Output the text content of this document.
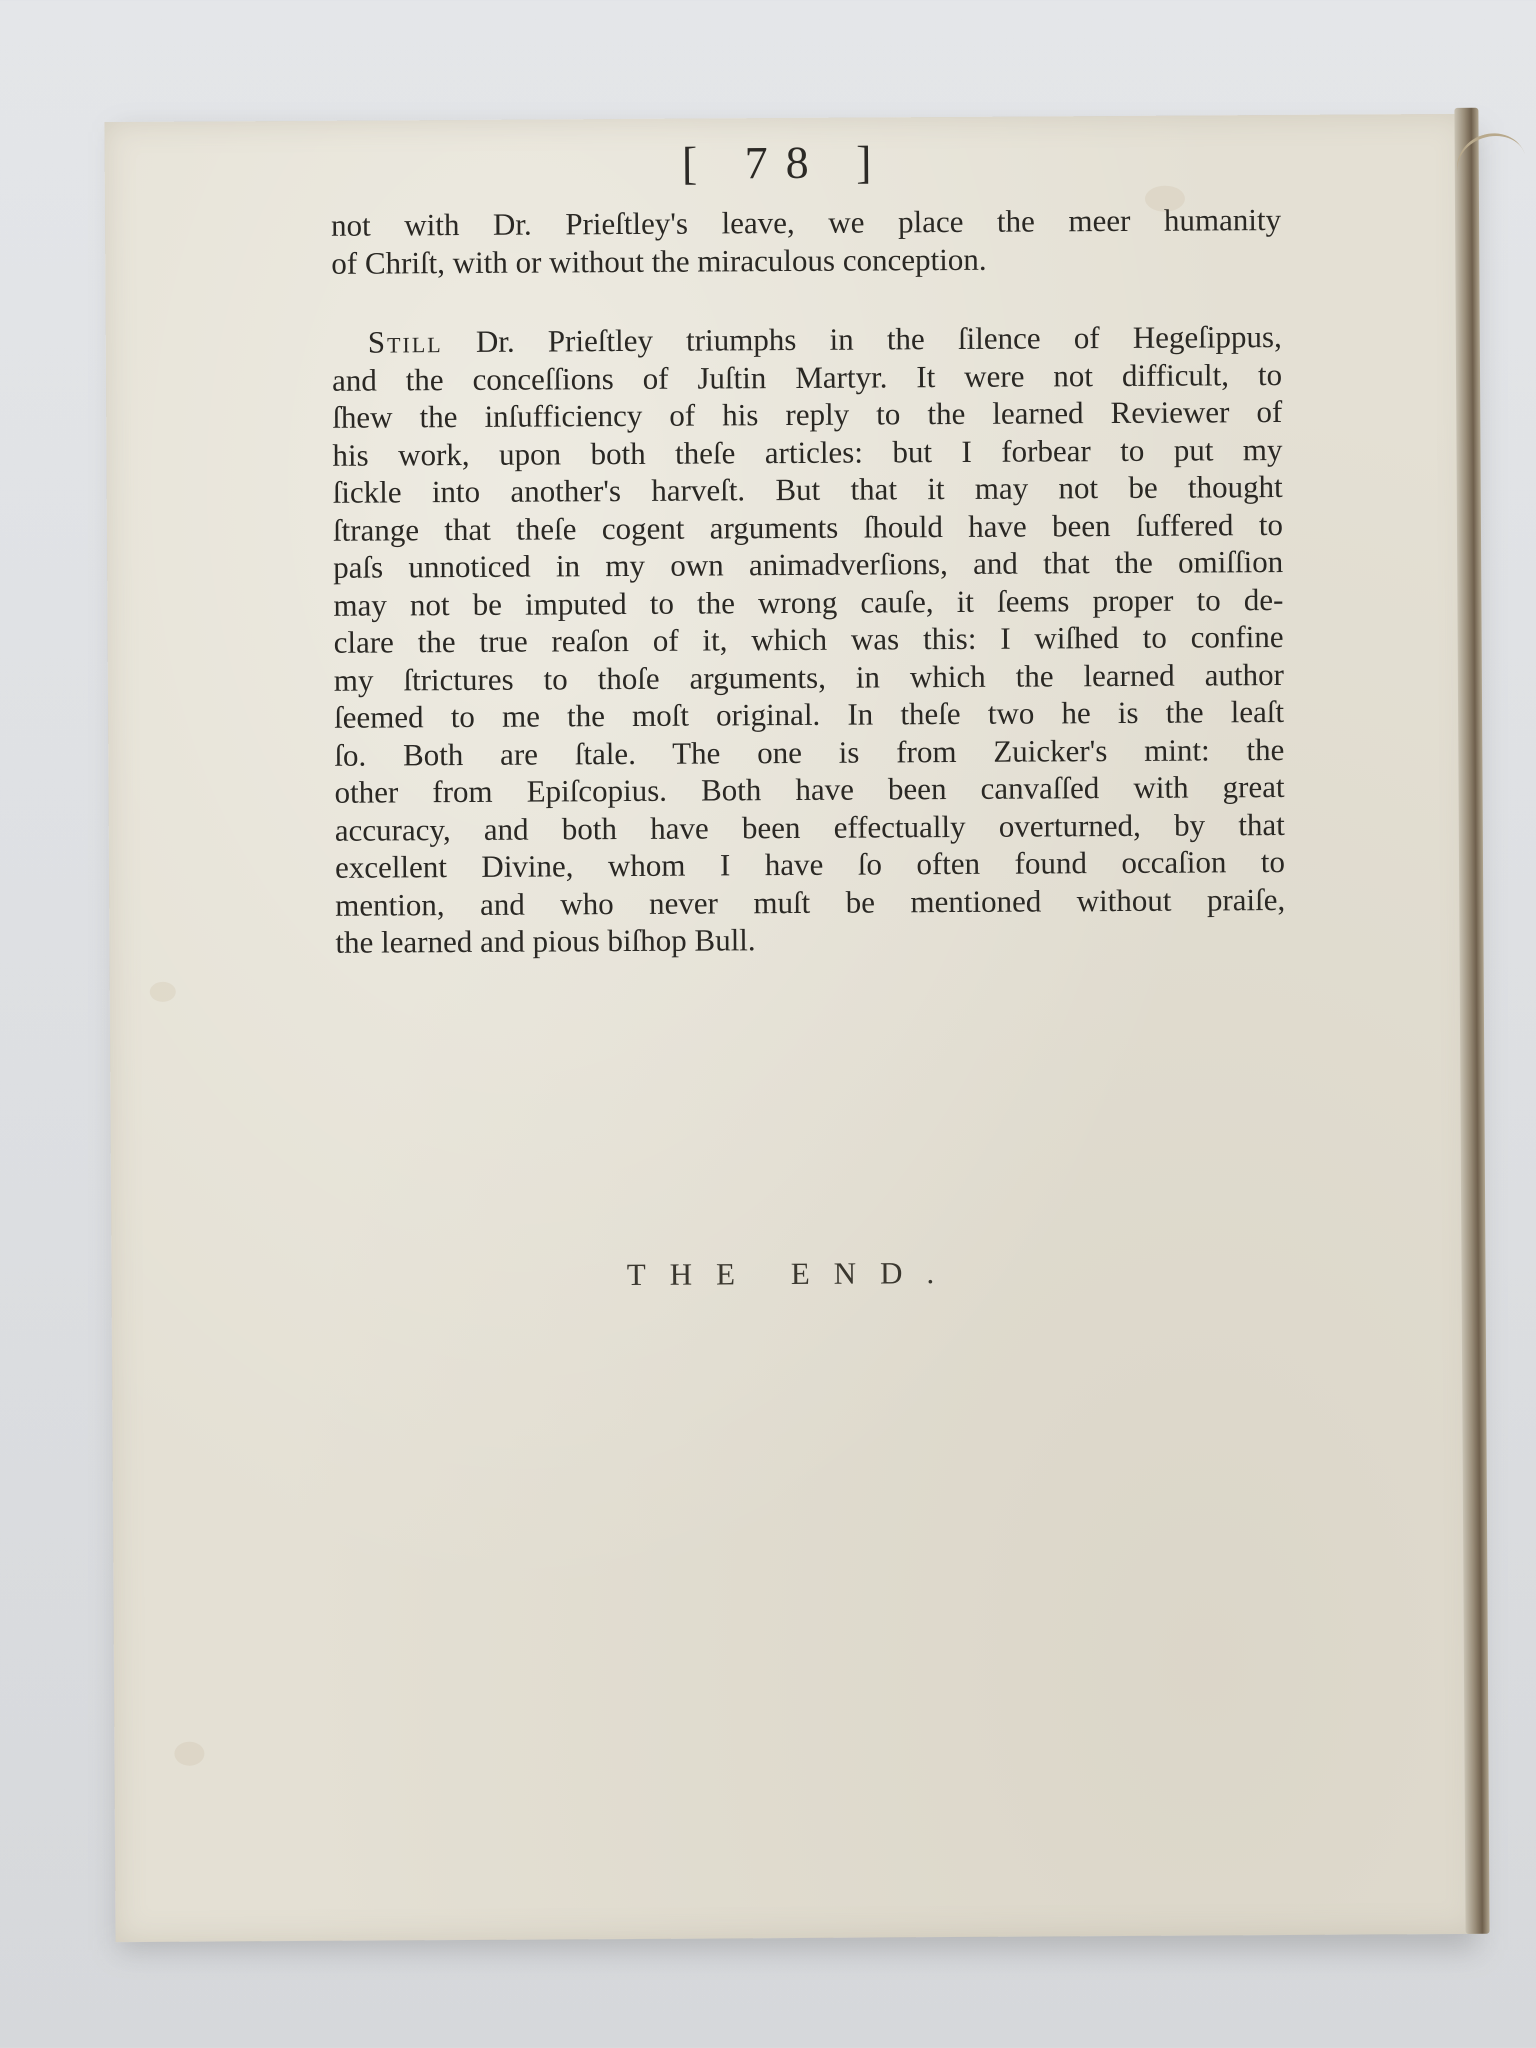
[ 78 ]

not with Dr. Prieſtley's leave, we place the meer humanity
of Chriſt, with or without the miraculous conception.

Still Dr. Prieſtley triumphs in the ſilence of Hegeſippus,
and the conceſſions of Juſtin Martyr. It were not difficult, to
ſhew the inſufficiency of his reply to the learned Reviewer of
his work, upon both theſe articles: but I forbear to put my
ſickle into another's harveſt. But that it may not be thought
ſtrange that theſe cogent arguments ſhould have been ſuffered to
paſs unnoticed in my own animadverſions, and that the omiſſion
may not be imputed to the wrong cauſe, it ſeems proper to de-
clare the true reaſon of it, which was this: I wiſhed to confine
my ſtrictures to thoſe arguments, in which the learned author
ſeemed to me the moſt original. In theſe two he is the leaſt
ſo. Both are ſtale. The one is from Zuicker's mint: the
other from Epiſcopius. Both have been canvaſſed with great
accuracy, and both have been effectually overturned, by that
excellent Divine, whom I have ſo often found occaſion to
mention, and who never muſt be mentioned without praiſe,
the learned and pious biſhop Bull.

THE END.
